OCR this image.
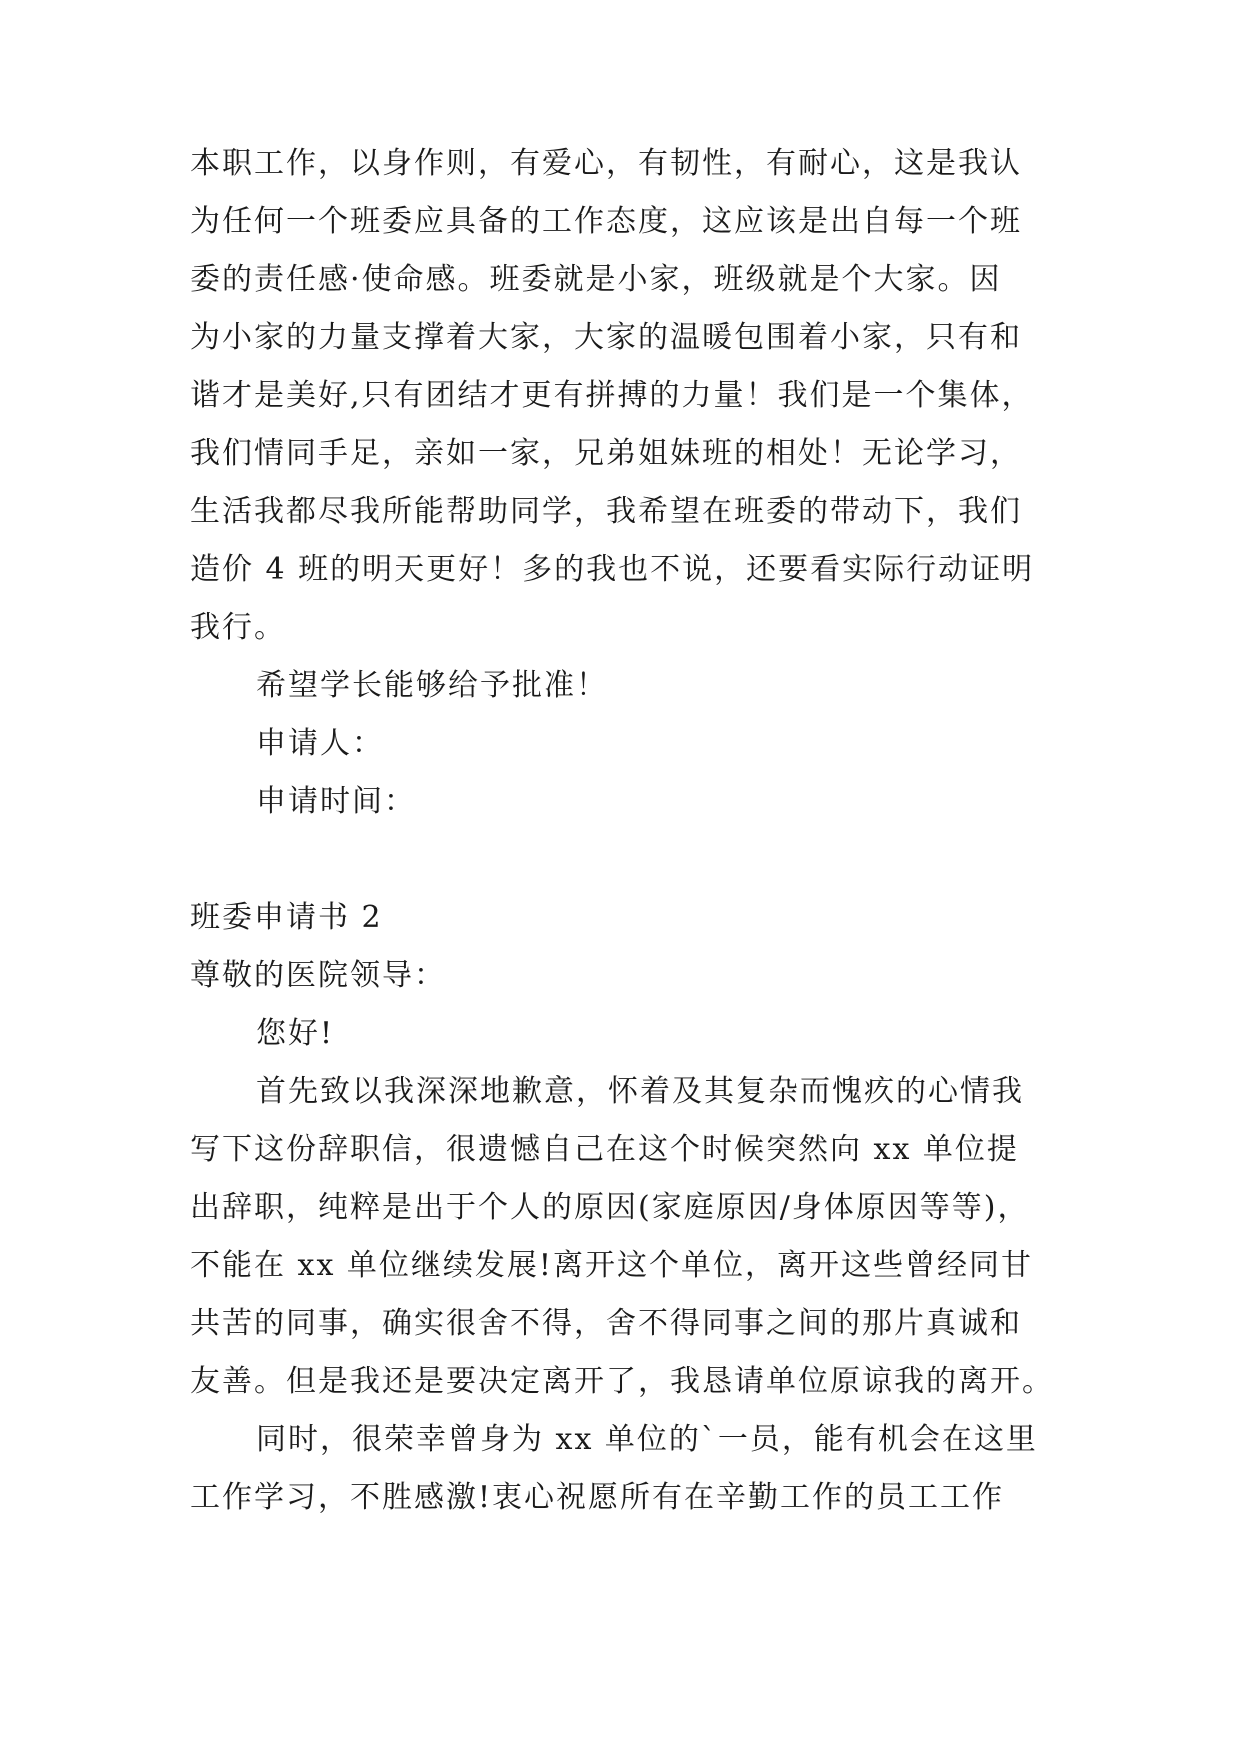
本职工作，以身作则，有爱心，有韧性，有耐心，这是我认
为任何一个班委应具备的工作态度，这应该是出自每一个班
委的责任感·使命感。班委就是小家，班级就是个大家。因
为小家的力量支撑着大家，大家的温暖包围着小家，只有和
谐才是美好,只有团结才更有拼搏的力量！我们是一个集体，
我们情同手足，亲如一家，兄弟姐妹班的相处！无论学习，
生活我都尽我所能帮助同学，我希望在班委的带动下，我们
造价 4 班的明天更好！多的我也不说，还要看实际行动证明
我行。
希望学长能够给予批准！
申请人：
申请时间：
班委申请书 2
尊敬的医院领导：
您好!
首先致以我深深地歉意，怀着及其复杂而愧疚的心情我
写下这份辞职信，很遗憾自己在这个时候突然向 xx 单位提
出辞职，纯粹是出于个人的原因(家庭原因/身体原因等等)，
不能在 xx 单位继续发展!离开这个单位，离开这些曾经同甘
共苦的同事，确实很舍不得，舍不得同事之间的那片真诚和
友善。但是我还是要决定离开了，我恳请单位原谅我的离开。
同时，很荣幸曾身为 xx 单位的`一员，能有机会在这里
工作学习，不胜感激!衷心祝愿所有在辛勤工作的员工工作
